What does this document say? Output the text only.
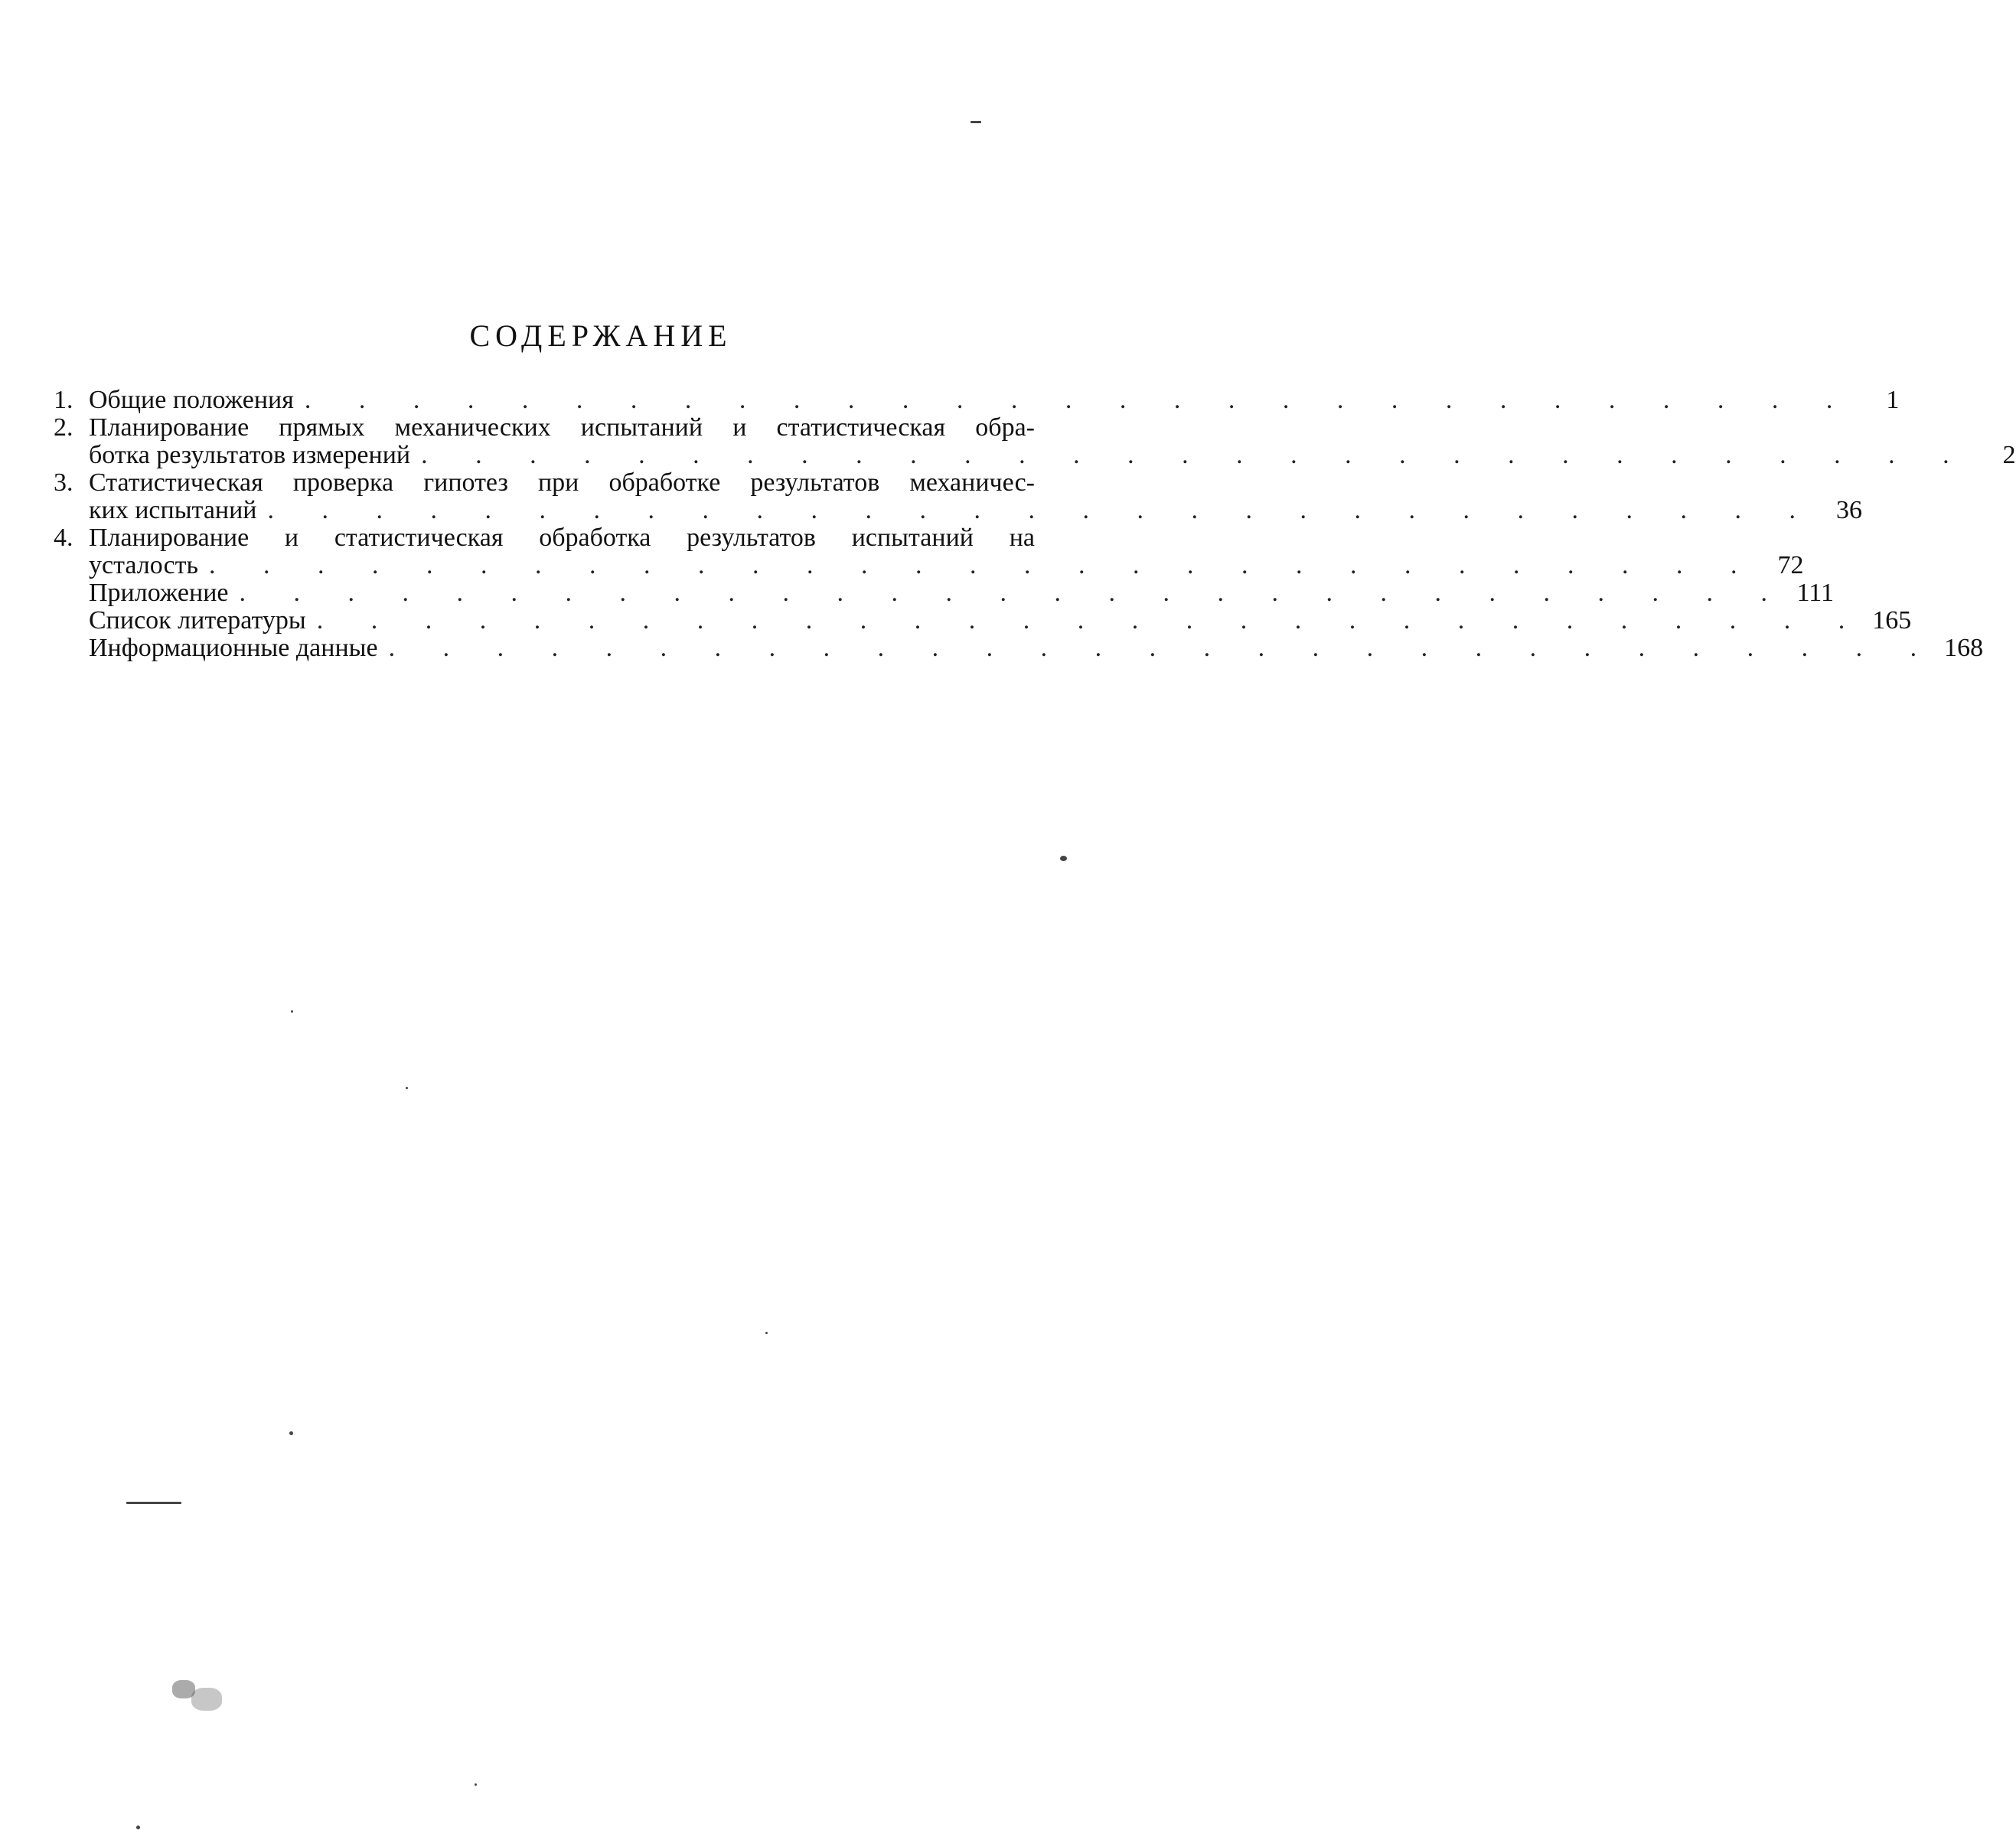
СОДЕРЖАНИЕ
1. Общие положения . . . . . . . . . . . . . . . . . . . . . . . . . . . . .	1
2. Планирование прямых механических испытаний и статистическая обра-
ботка результатов измерений . . . . . . . . . . . . . . . . . . . . . . . . . . . . .	2
3. Статистическая проверка гипотез при обработке результатов механичес-
ких испытаний . . . . . . . . . . . . . . . . . . . . . . . . . . . . . 36
4. Планирование и статистическая обработка результатов испытаний на
усталость . . . . . . . . . . . . . . . . . . . . . . . . . . . . . 72
Приложение . . . . . . . . . . . . . . . . . . . . . . . . . . . . . 111
Список литературы . . . . . . . . . . . . . . . . . . . . . . . . . . . . . 165
Информационные данные . . . . . . . . . . . . . . . . . . . . . . . . . . . . . 168
